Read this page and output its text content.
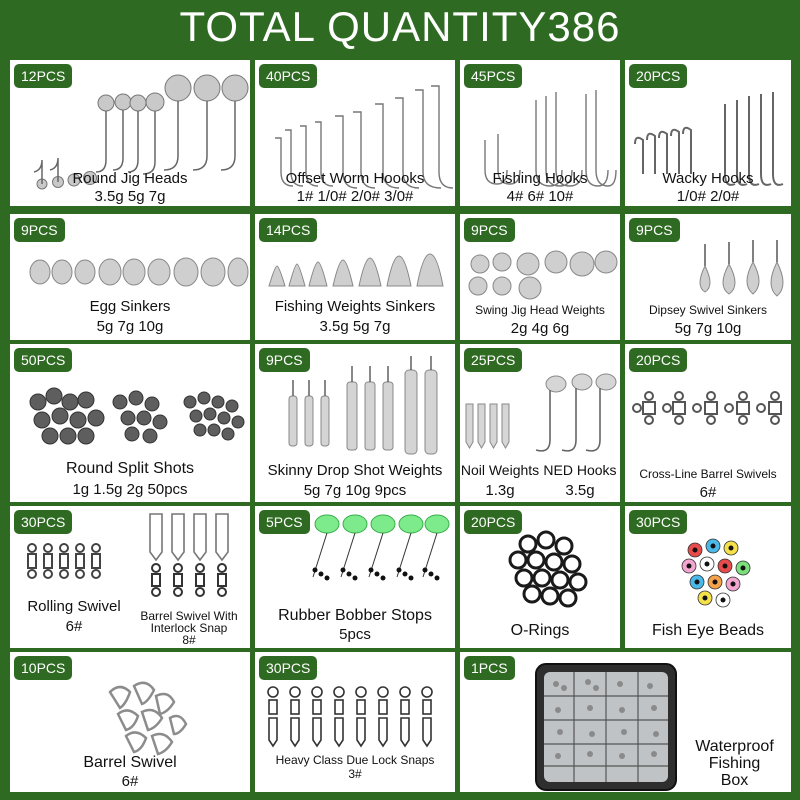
TOTAL QUANTITY386
12PCS
Round Jig Heads
3.5g 5g 7g
40PCS
Offset Worm Hoooks
1# 1/0# 2/0# 3/0#
45PCS
Fishing Hooks
4# 6# 10#
20PCS
Wacky Hooks
1/0# 2/0#
9PCS
Egg Sinkers
5g 7g 10g
14PCS
Fishing Weights Sinkers
3.5g 5g 7g
9PCS
Swing Jig Head Weights
2g 4g 6g
9PCS
Dipsey Swivel Sinkers
5g 7g 10g
50PCS
Round Split Shots
1g 1.5g 2g 50pcs
9PCS
Skinny Drop Shot Weights
5g 7g 10g 9pcs
25PCS
Noil Weights NED Hooks
1.3g	3.5g
20PCS
Cross-Line Barrel Swivels
6#
30PCS
Rolling Swivel
6#
Barrel Swivel With
Interlock Snap
8#
5PCS
Rubber Bobber Stops
5pcs
20PCS
O-Rings
30PCS
Fish Eye Beads
10PCS
Barrel Swivel
6#
30PCS
Heavy Class Due Lock Snaps
3#
1PCS
Waterproof
Fishing
Box
